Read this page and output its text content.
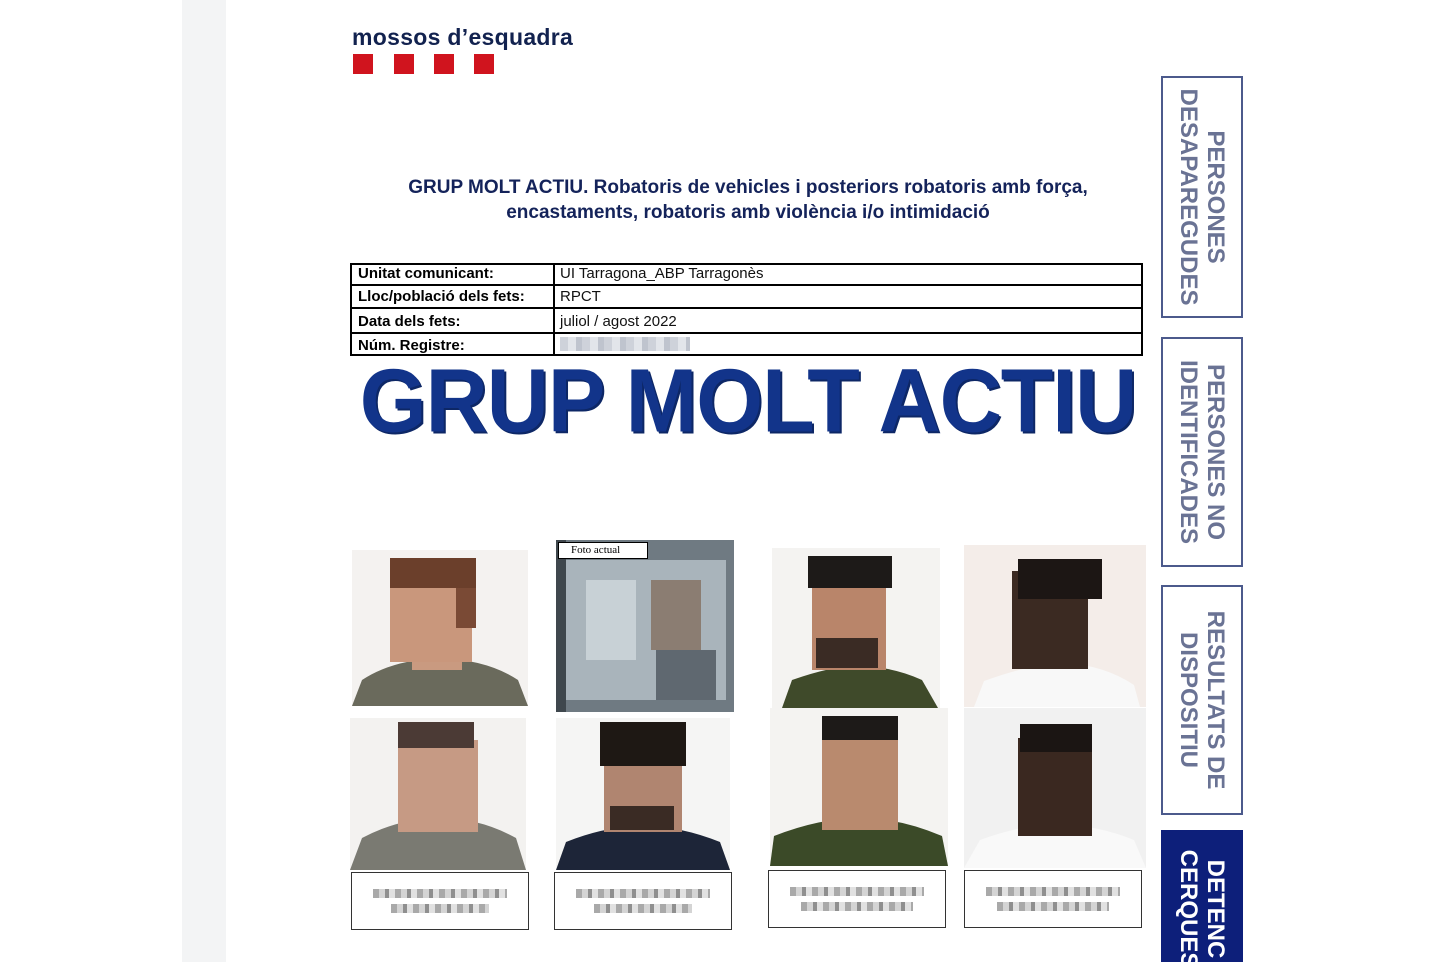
mossos d’esquadra
GRUP MOLT ACTIU. Robatoris de vehicles i posteriors robatoris amb força,
encastaments, robatoris amb violència i/o intimidació
Unitat comunicant:	UI Tarragona_ABP Tarragonès
Lloc/població dels fets: RPCT
Data dels fets:	juliol / agost 2022
Núm. Registre:
GRUP MOLT ACTIU
Foto actual
PERSONES
DESAPAREGUDES
PERSONES NO
IDENTIFICADES
RESULTATS DE
DISPOSITIU
DETENC
CERQUES
